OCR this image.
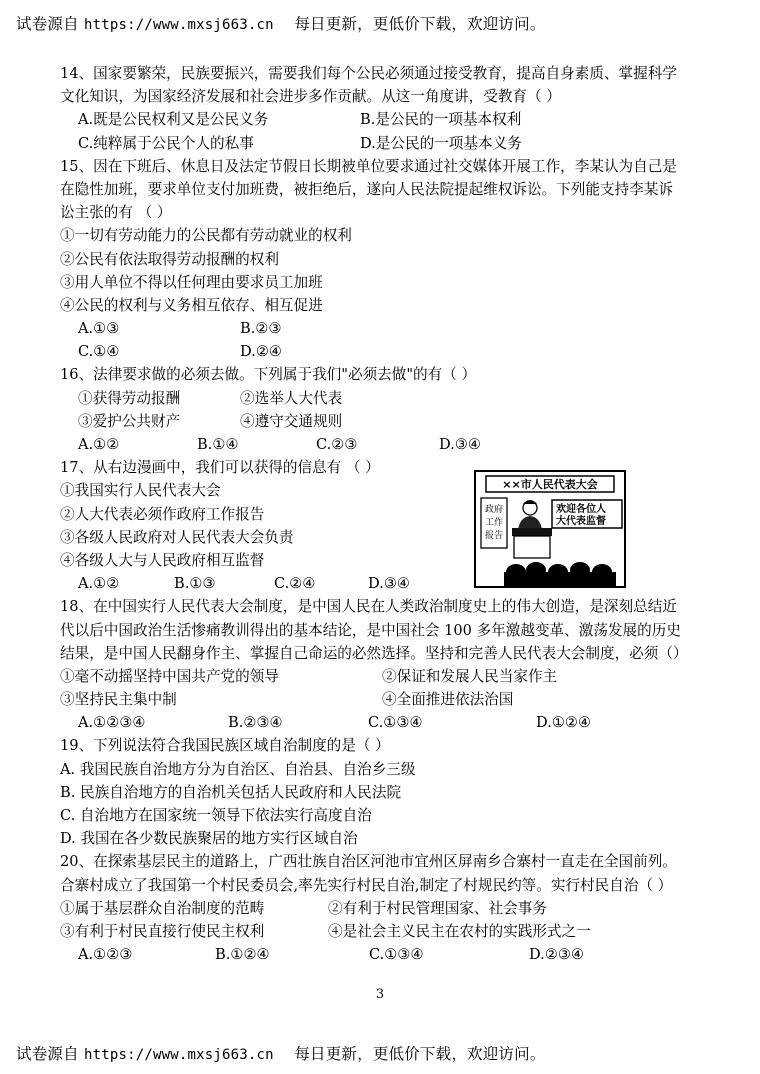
试卷源自 https://www.mxsj663.cn 每日更新，更低价下载，欢迎访问。
14、国家要繁荣，民族要振兴，需要我们每个公民必须通过接受教育，提高自身素质、掌握科学
文化知识，为国家经济发展和社会进步多作贡献。从这一角度讲，受教育（ ）
A.既是公民权利又是公民义务	B.是公民的一项基本权利
C.纯粹属于公民个人的私事	D.是公民的一项基本义务
15、因在下班后、休息日及法定节假日长期被单位要求通过社交媒体开展工作，李某认为自己是
在隐性加班，要求单位支付加班费，被拒绝后，遂向人民法院提起维权诉讼。下列能支持李某诉
讼主张的有 （ ）
①一切有劳动能力的公民都有劳动就业的权利
②公民有依法取得劳动报酬的权利
③用人单位不得以任何理由要求员工加班
④公民的权利与义务相互依存、相互促进
A.①③	B.②③
C.①④	D.②④
16、法律要求做的必须去做。下列属于我们"必须去做"的有（ ）
①获得劳动报酬	②选举人大代表
③爱护公共财产	④遵守交通规则
A.①②	B.①④	C.②③	D.③④
17、从右边漫画中，我们可以获得的信息有 （ ）
①我国实行人民代表大会
②人大代表必须作政府工作报告
③各级人民政府对人民代表大会负责
④各级人大与人民政府相互监督
A.①②	B.①③	C.②④	D.③④
18、在中国实行人民代表大会制度，是中国人民在人类政治制度史上的伟大创造，是深刻总结近
代以后中国政治生活惨痛教训得出的基本结论，是中国社会 100 多年激越变革、激荡发展的历史
结果，是中国人民翻身作主、掌握自己命运的必然选择。坚持和完善人民代表大会制度，必须（）
①毫不动摇坚持中国共产党的领导	②保证和发展人民当家作主
③坚持民主集中制	④全面推进依法治国
A.①②③④	B.②③④	C.①③④	D.①②④
19、下列说法符合我国民族区域自治制度的是（ ）
A. 我国民族自治地方分为自治区、自治县、自治乡三级
B. 民族自治地方的自治机关包括人民政府和人民法院
C. 自治地方在国家统一领导下依法实行高度自治
D. 我国在各少数民族聚居的地方实行区域自治
20、在探索基层民主的道路上，广西壮族自治区河池市宜州区屏南乡合寨村一直走在全国前列。
合寨村成立了我国第一个村民委员会,率先实行村民自治,制定了村规民约等。实行村民自治（ ）
①属于基层群众自治制度的范畴	②有利于村民管理国家、社会事务
③有利于村民直接行使民主权利	④是社会主义民主在农村的实践形式之一
A.①②③	B.①②④	C.①③④	D.②③④
××市人民代表大会
政府
工作
报告
欢迎各位人
大代表监督
3
试卷源自 https://www.mxsj663.cn 每日更新，更低价下载，欢迎访问。
